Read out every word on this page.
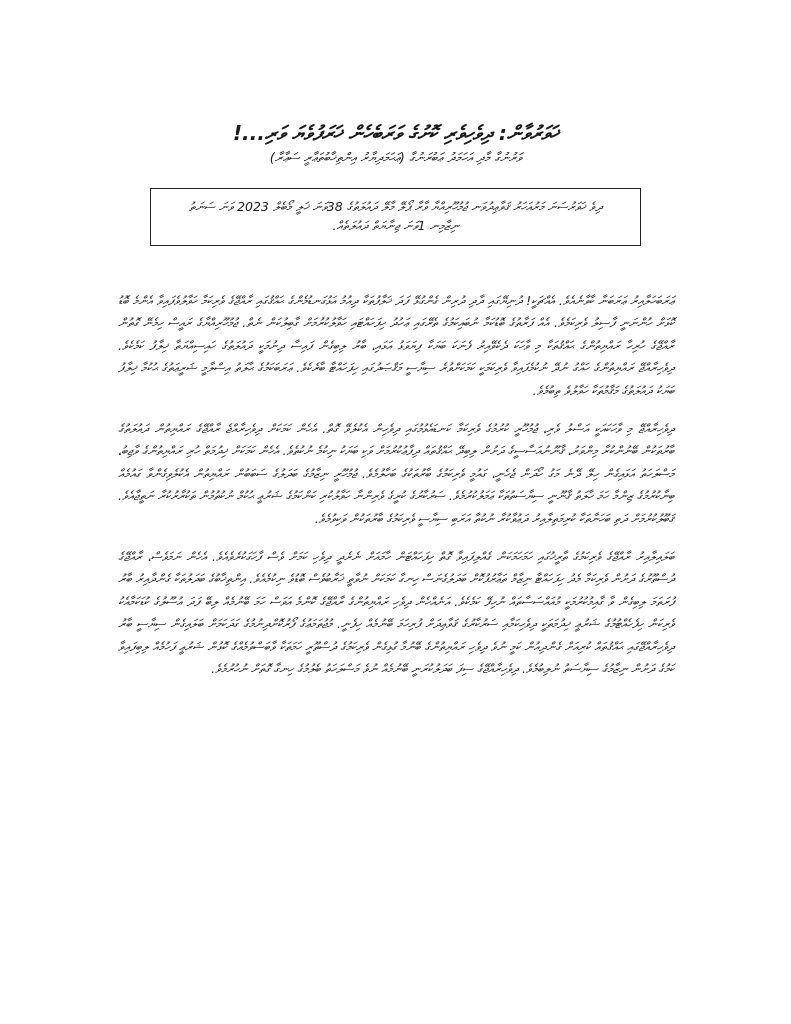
ޚަވަރުވާން: ދިވެހިވެރި ކޮށުގެ ވަރަބެހެން ޚަރަފުވެޔަ ވަރި...!
ވަރުނުގާ މާދި އަހަމަދު ޢަބުރަނުގާ (ޢަޙަމަދިޔާރު އިންތިޚާބުތަޢާރީ ސަޢާރާ)

ދިވެ ޚަވަރުސަނަ މަރުއަހަރު ޤަވާޢިދުވަނ ޖުމުހޫރިއްޔާ ވާރާ ޕޯލޭ މާލޭ ދައުލަތުގެ 38ވަނަ ޚަލީ މޯބެލް 2023 ވަނަ ސަނަތު

ނިޒާމިނ 1ވަނަ ޖިނާޔަތް ދައުލަތެއް.

ޢަރަބަހަލާއިރު ޢަރަބަނާ ކާވާނެއެވެ. އެއްޗަކީ! ދުނިޔޭގައި ދާދި ދުރިން ގެންގުޅޭ ފަދަ ޚަލާފުތަކާ ދިއުމު އަޅުގަނޑުމެންގެ ޙައްޤުގައި ރާއްޖޭގެ ވެރިކަމާ ހަވާލުވެފައިވާ އެންމެ ބޮޑު ކޮޅަށް ހުންނަނީ ފާސިލު ވެރިކަމެވެ. އެއް ފަރާތުގެ ބޮޑުކަމާ ނުބައިކަމުގެ ތެރޭގައި ޢަހުދު ހިފަހައްޓައި ހަވާލުކުރުމަށް ގާބިލުކަން ނެތް. ޖުމުހޫރިއްޔާގެ ރައީސް ހިމެނޭ ގޮތުން ރާއްޖޭގެ ހުރިހާ ރައްޔިތުންގެ ޙައްޤުތަކާ މި ވާހަކަ ދެކެވޭއިރު ފެނަކަ ބަޔަކާ ފިޔަވަޅު އަޅައި، ބާރު ލިބިގެން ފައިސާ ދިނުމަކީ ދައުލަތުގެ ހައިސިއްޔަތާ ޚިލާފު ކަމެކެވެ. ދިވެހިރާއްޖޭ ރައްޔިތުންގެ ހައްގު ނުދޭ ނުކުމެފައިވާ ވެރިކަމަކީ ކަމަކަށްވުރެ ސިޔާސީ މަޤްޞަދުގައި ހިފަހައްޓާ ބާރެކެވެ. ޢަރަބަކަމުގެ ޙާލަތު އިސްލާމީ ޝަރީޢަތުގެ ޙުކުމާ ޚިލާފު ބަޔަކު ދައުލަތުގެ މަޤާމުތަކާ ހަވާލުވެ ތިބުމެވެ.

ދިވެހިރާއްޖޭ މި ވާހަކައަކީ އަސްލު ވެރި، ޖުމުހޫރީ ކުރުމުގެ ވެރިކަމާ ކަނޑައެޅުމުގައި ދިވެހިން އެކުލެވޭ ގޮތް. އެހެން ކަމަކަށް ދިވެހިރާއްޖެ ރާއްޖޭގެ ރައްޔިތުން ދައުލަތުގެ ބާރުތަކުން ބޭނުންކުރާ މިންވަރު، ޤާނޫނުއަސާސީގެ ދަށުން ލިބިދޭ ޙައްޤުތައް ދިފާޢުކުރުމަށް ވަކި ބަޔަކު ނިކުމެ ނުކުތެވެ. އެހެން ކަމަކަށް ޚިދުމަތް ހުރި ރައްޔިތުންގެ ވާޖިބު، މަސްލަހަތު އަޅައިގެން ހިލޭ ދޭނެ މަގު ހޯދަން ޖެހެނީ، ގައުމީ ވެރިކަމުގެ ބާރުތަކުގެ ބަހާލުމެވެ. ޖުމުހޫރީ ނިޒާމުގެ ބަދަލުގެ ސަބަބުން ރައްޔިތުން އެކުލެވިގެންވާ ގައުމެއް ބިނާކުރުމުގެ ޒިންމާ ހަމަ ހާލަތު ޤާނޫނީ ސިޔާސަތުތަކާ ޢަމަލުކުރުމެވެ. ސަރުކާރުގެ ކުރީގެ ވެރިންނާ ހަވާލުކުރި ކަންކަމުގެ ޝަރުޢީ ޙުކުމް ނުކުތުމުން ތަކުރާރުކުރާ ނަތީޖާއެވެ. ޤަބޫލުކުރުމަށް ދަތި ބަހަނާތަކާ ކުރިމަތިލާއިރު ދަޢުވާކުރާ ނުކުތާ އަރަބި ސިޔާސީ ވެރިކަމުގެ ބާރުތަކުން ވަކިވުމެވެ.

ބަލައިލާއިރު ރާއްޖޭގެ ވެރިކަމުގެ ތާރީޚުގައި ހަމަހަމަކަން ގެއްލިފައިވާ ގޮތް ހިފަހައްޓަން ހާމައަށް ނެރެދީ ދިވެހި ކަމަށް ވެސް ފާހަގަކުރެވެއެވެ. އެހެން ނަމަވެސް، ރާއްޖޭގެ ދުސްތޫރުގެ ދަށުން ވެރިކަމާ މެދު ހިފަހައްޓާ ނިޒާމް ތަޢާރުފުކޮށް ބަދަލުގެނަސް ހިނގާ ކަމަކަށް ނުވާތީ ޚަރާބުވެސް ބޮޑުވެ ނިކުމެއެވެ. އިންތިޚާބުގެ ބަދަލުތަކާ ގެންދާއިރު ބާރު ފުރަތަމަ ލިބިގެން ވާ ގާއިމުކުރުމަކީ މުއައްސަސާތައް ނުހިފޭ ކަމެކެވެ. އަނެއްހެން ދިވެހި ރައްޔިތުންގެ ރާއްޖޭގެ ކޮންމެ އަވަސް ހަމަ ބޭނުމެއް ލިބޭ ފަދަ އުސޫލުގެ ކުޑަކަމާއެކު ވެރިކަން ހިފެހެއްޓުމުގެ ޝަރުޢީ ޚިދުމަތަކީ ދިވެހިކަމާއި ސަރުކާރުގެ ޤަވާޢިދަށް ފުރިހަމަ ބޭނުމެއް ހިފެނީ. މުޖުތަމަޢުގެ ފޯރުކޮށްދިނުމުގެ ގަދަކަމަށް ބަލައިގެން ސިޔާސީ ބާރު ދިވެހިރާއްޖޭގައި ޙައްޤުތައް ކުރިއަށް ގެންދިއުން ކަމީ ނުވެ ދިވެހި ރައްޔިތުންގެ ބޭނުމާ ގުޅިގެން ވެރިކަމުގެ ދުސްތޫރީ ހަމަތަކާ ވާބަސްވުމެއްގެ ކޮޅުން ޝަރުޢީ ފަހުމެއް ލިބިފައިވާ ކަމުގެ ދަށުން ނިޒާމުގެ ސިޔާސަތު ނުލިބުމެވެ. ދިވެހިރާއްޖޭގެ ސިފަ ބަދަލުކުރަނީ ބޭނުމެއް ނުވެ މަސްލަހަތު ބެލުމުގެ ހިނގާ ގޮތަށް ނުހުރުމެވެ.
